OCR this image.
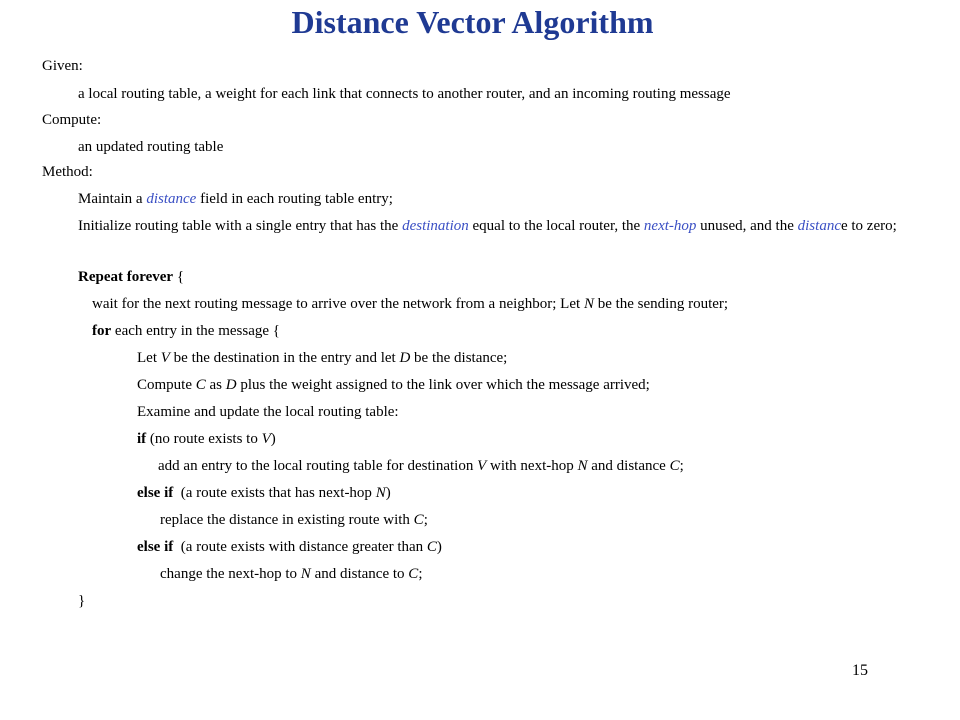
Distance Vector Algorithm

Given:

a local routing table, a weight for each link that connects to another router, and an incoming routing message

Compute:

an updated routing table

Method:

Maintain a distance field in each routing table entry;

Initialize routing table with a single entry that has the destination equal to the local router, the next-hop unused, and the distance to zero;

Repeat forever {

wait for the next routing message to arrive over the network from a neighbor; Let N be the sending router;

for each entry in the message {

Let V be the destination in the entry and let D be the distance;

Compute C as D plus the weight assigned to the link over which the message arrived;

Examine and update the local routing table:

if (no route exists to V)

add an entry to the local routing table for destination V with next-hop N and distance C;

else if  (a route exists that has next-hop N)

replace the distance in existing route with C;

else if  (a route exists with distance greater than C)

change the next-hop to N and distance to C;

}

15
